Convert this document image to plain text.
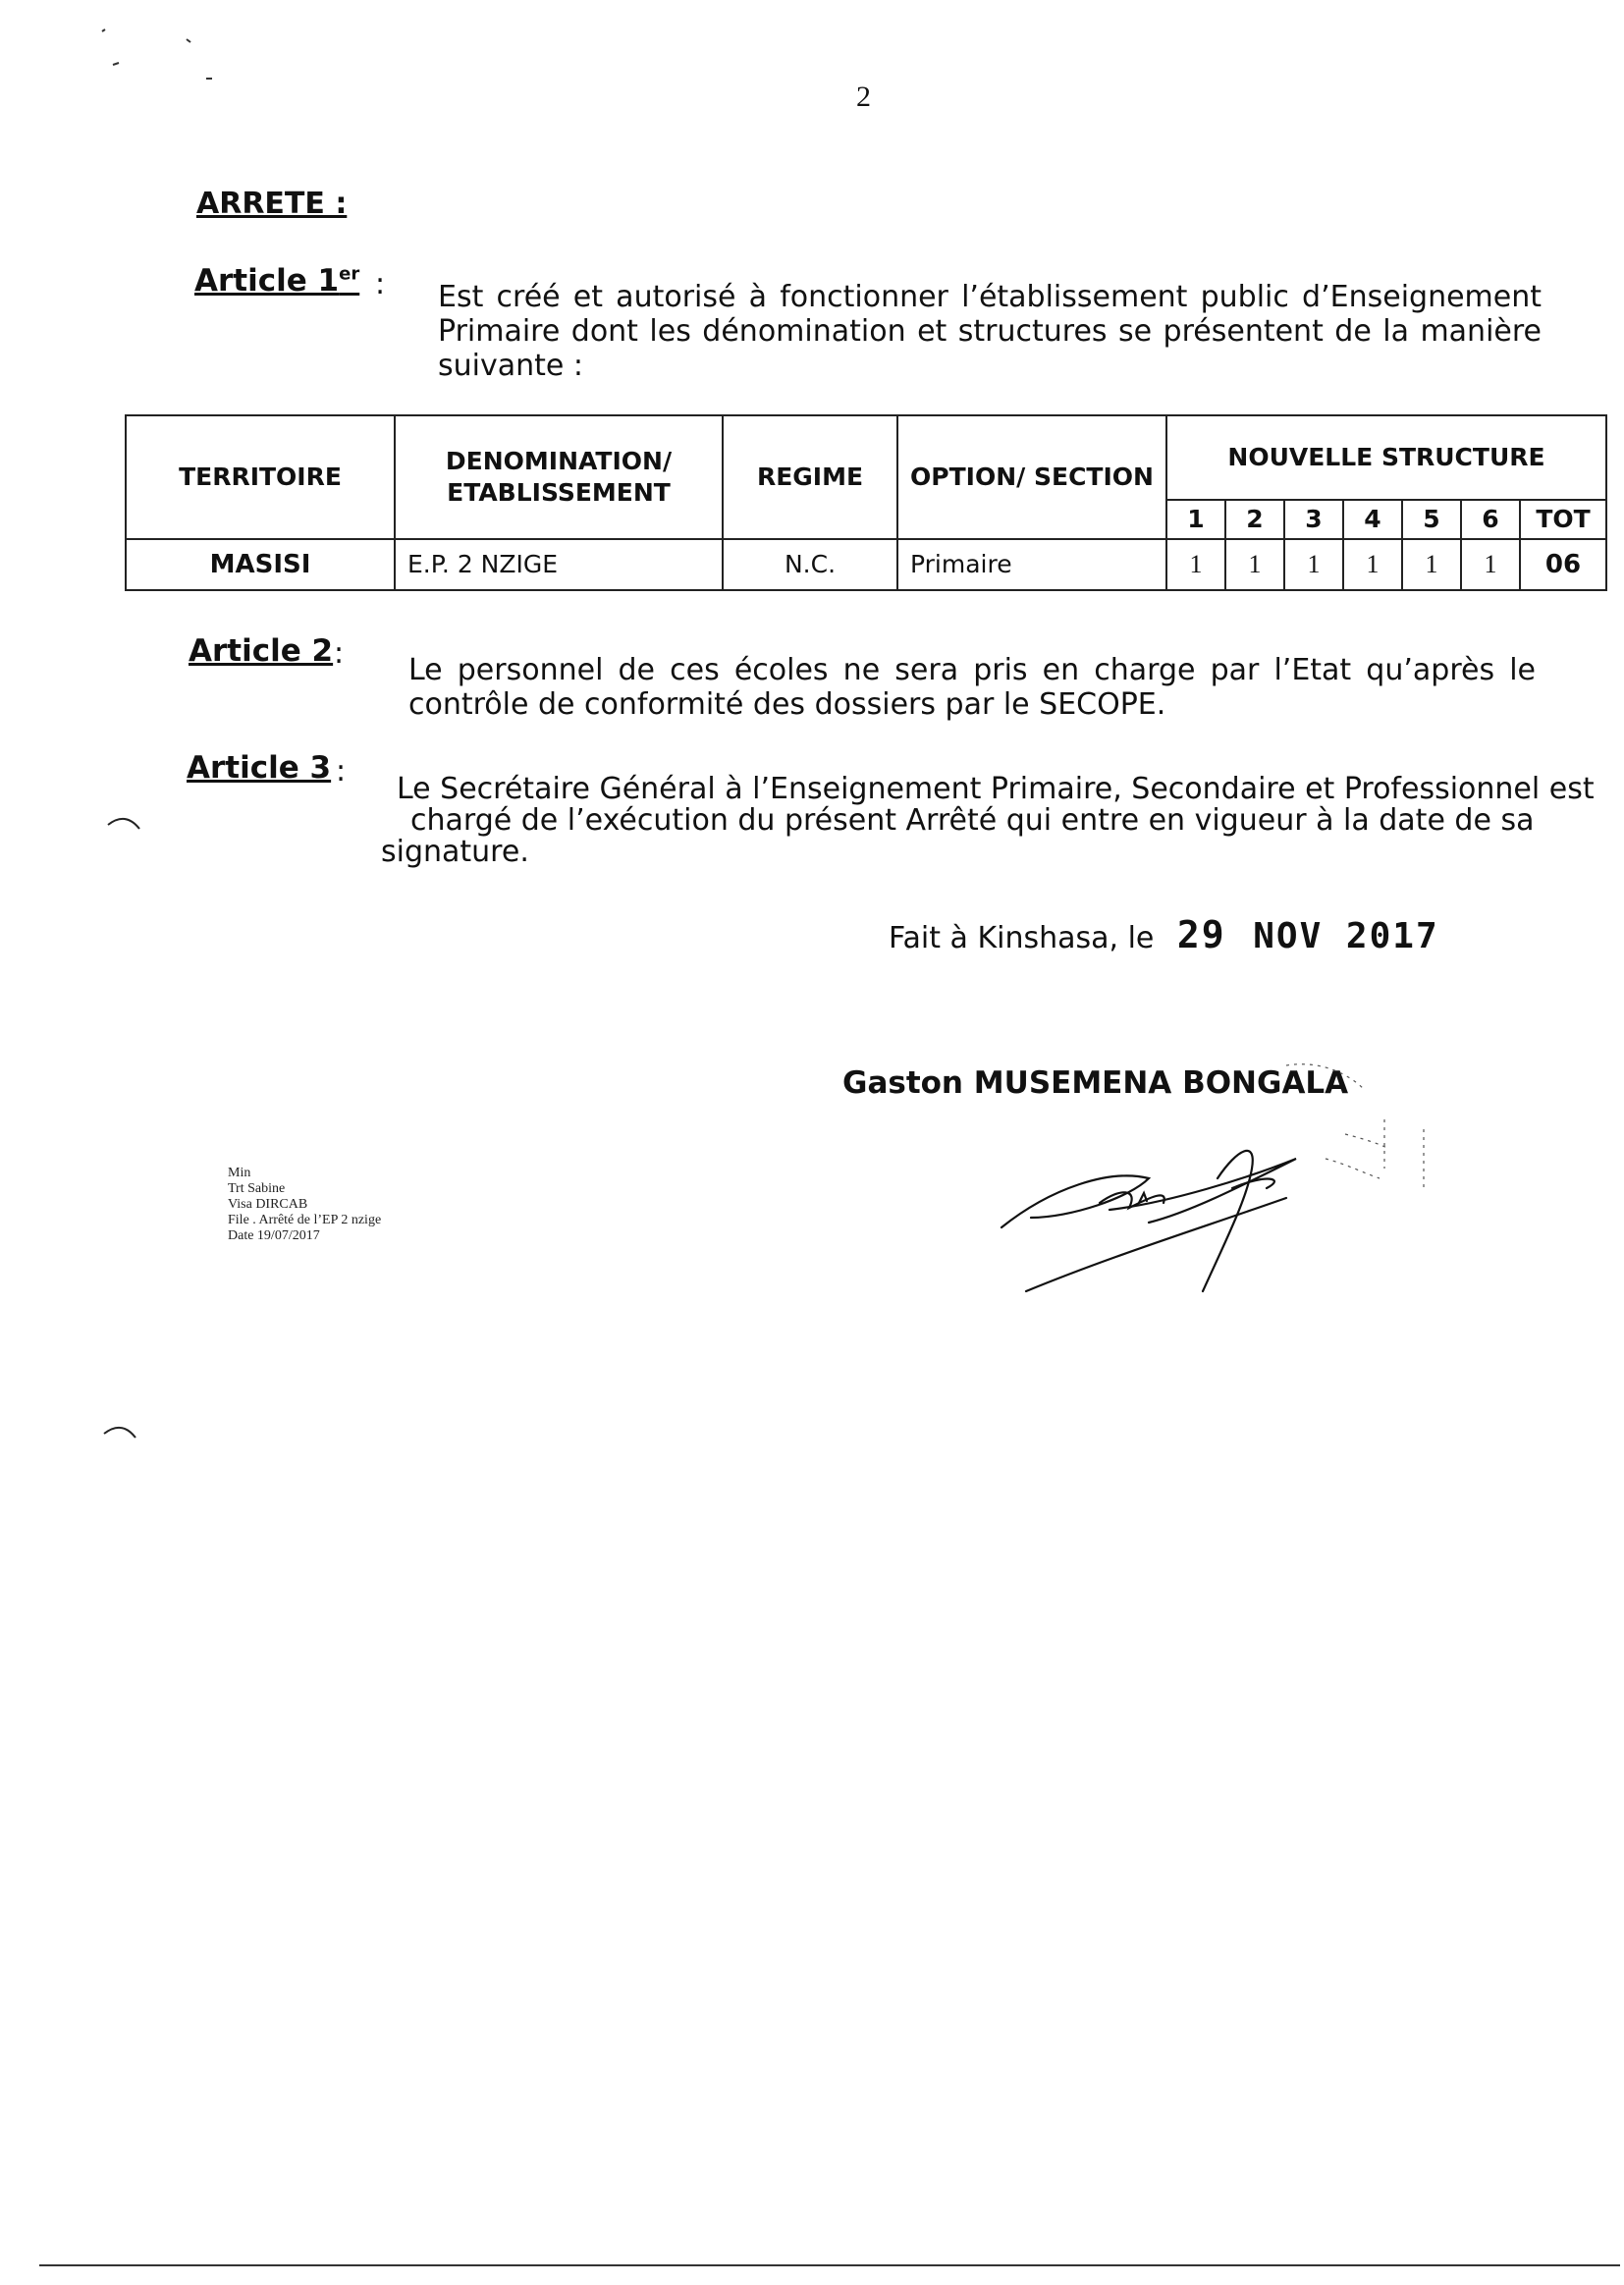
2
ARRETE :
Article 1er : Est créé et autorisé à fonctionner l’établissement public d’Enseignement Primaire dont les dénomination et structures se présentent de la manière suivante :
TERRITOIRE	DENOMINATION/ ETABLISSEMENT	REGIME	OPTION/ SECTION	NOUVELLE STRUCTURE						
				1	2	3	4	5	6	TOT
MASISI	E.P. 2 NZIGE	N.C.	Primaire	1	1	1	1	1	1	06
Article 2 : Le personnel de ces écoles ne sera pris en charge par l’Etat qu’après le contrôle de conformité des dossiers par le SECOPE.
Article 3 :
Le Secrétaire Général à l’Enseignement Primaire, Secondaire et Professionnel est
chargé de l’exécution du présent Arrêté qui entre en vigueur à la date de sa
signature.
Fait à Kinshasa, le 29 NOV 2017
Gaston MUSEMENA BONGALA
Min
Trt Sabine
Visa DIRCAB
File . Arrêté de l’EP 2 nzige
Date 19/07/2017
